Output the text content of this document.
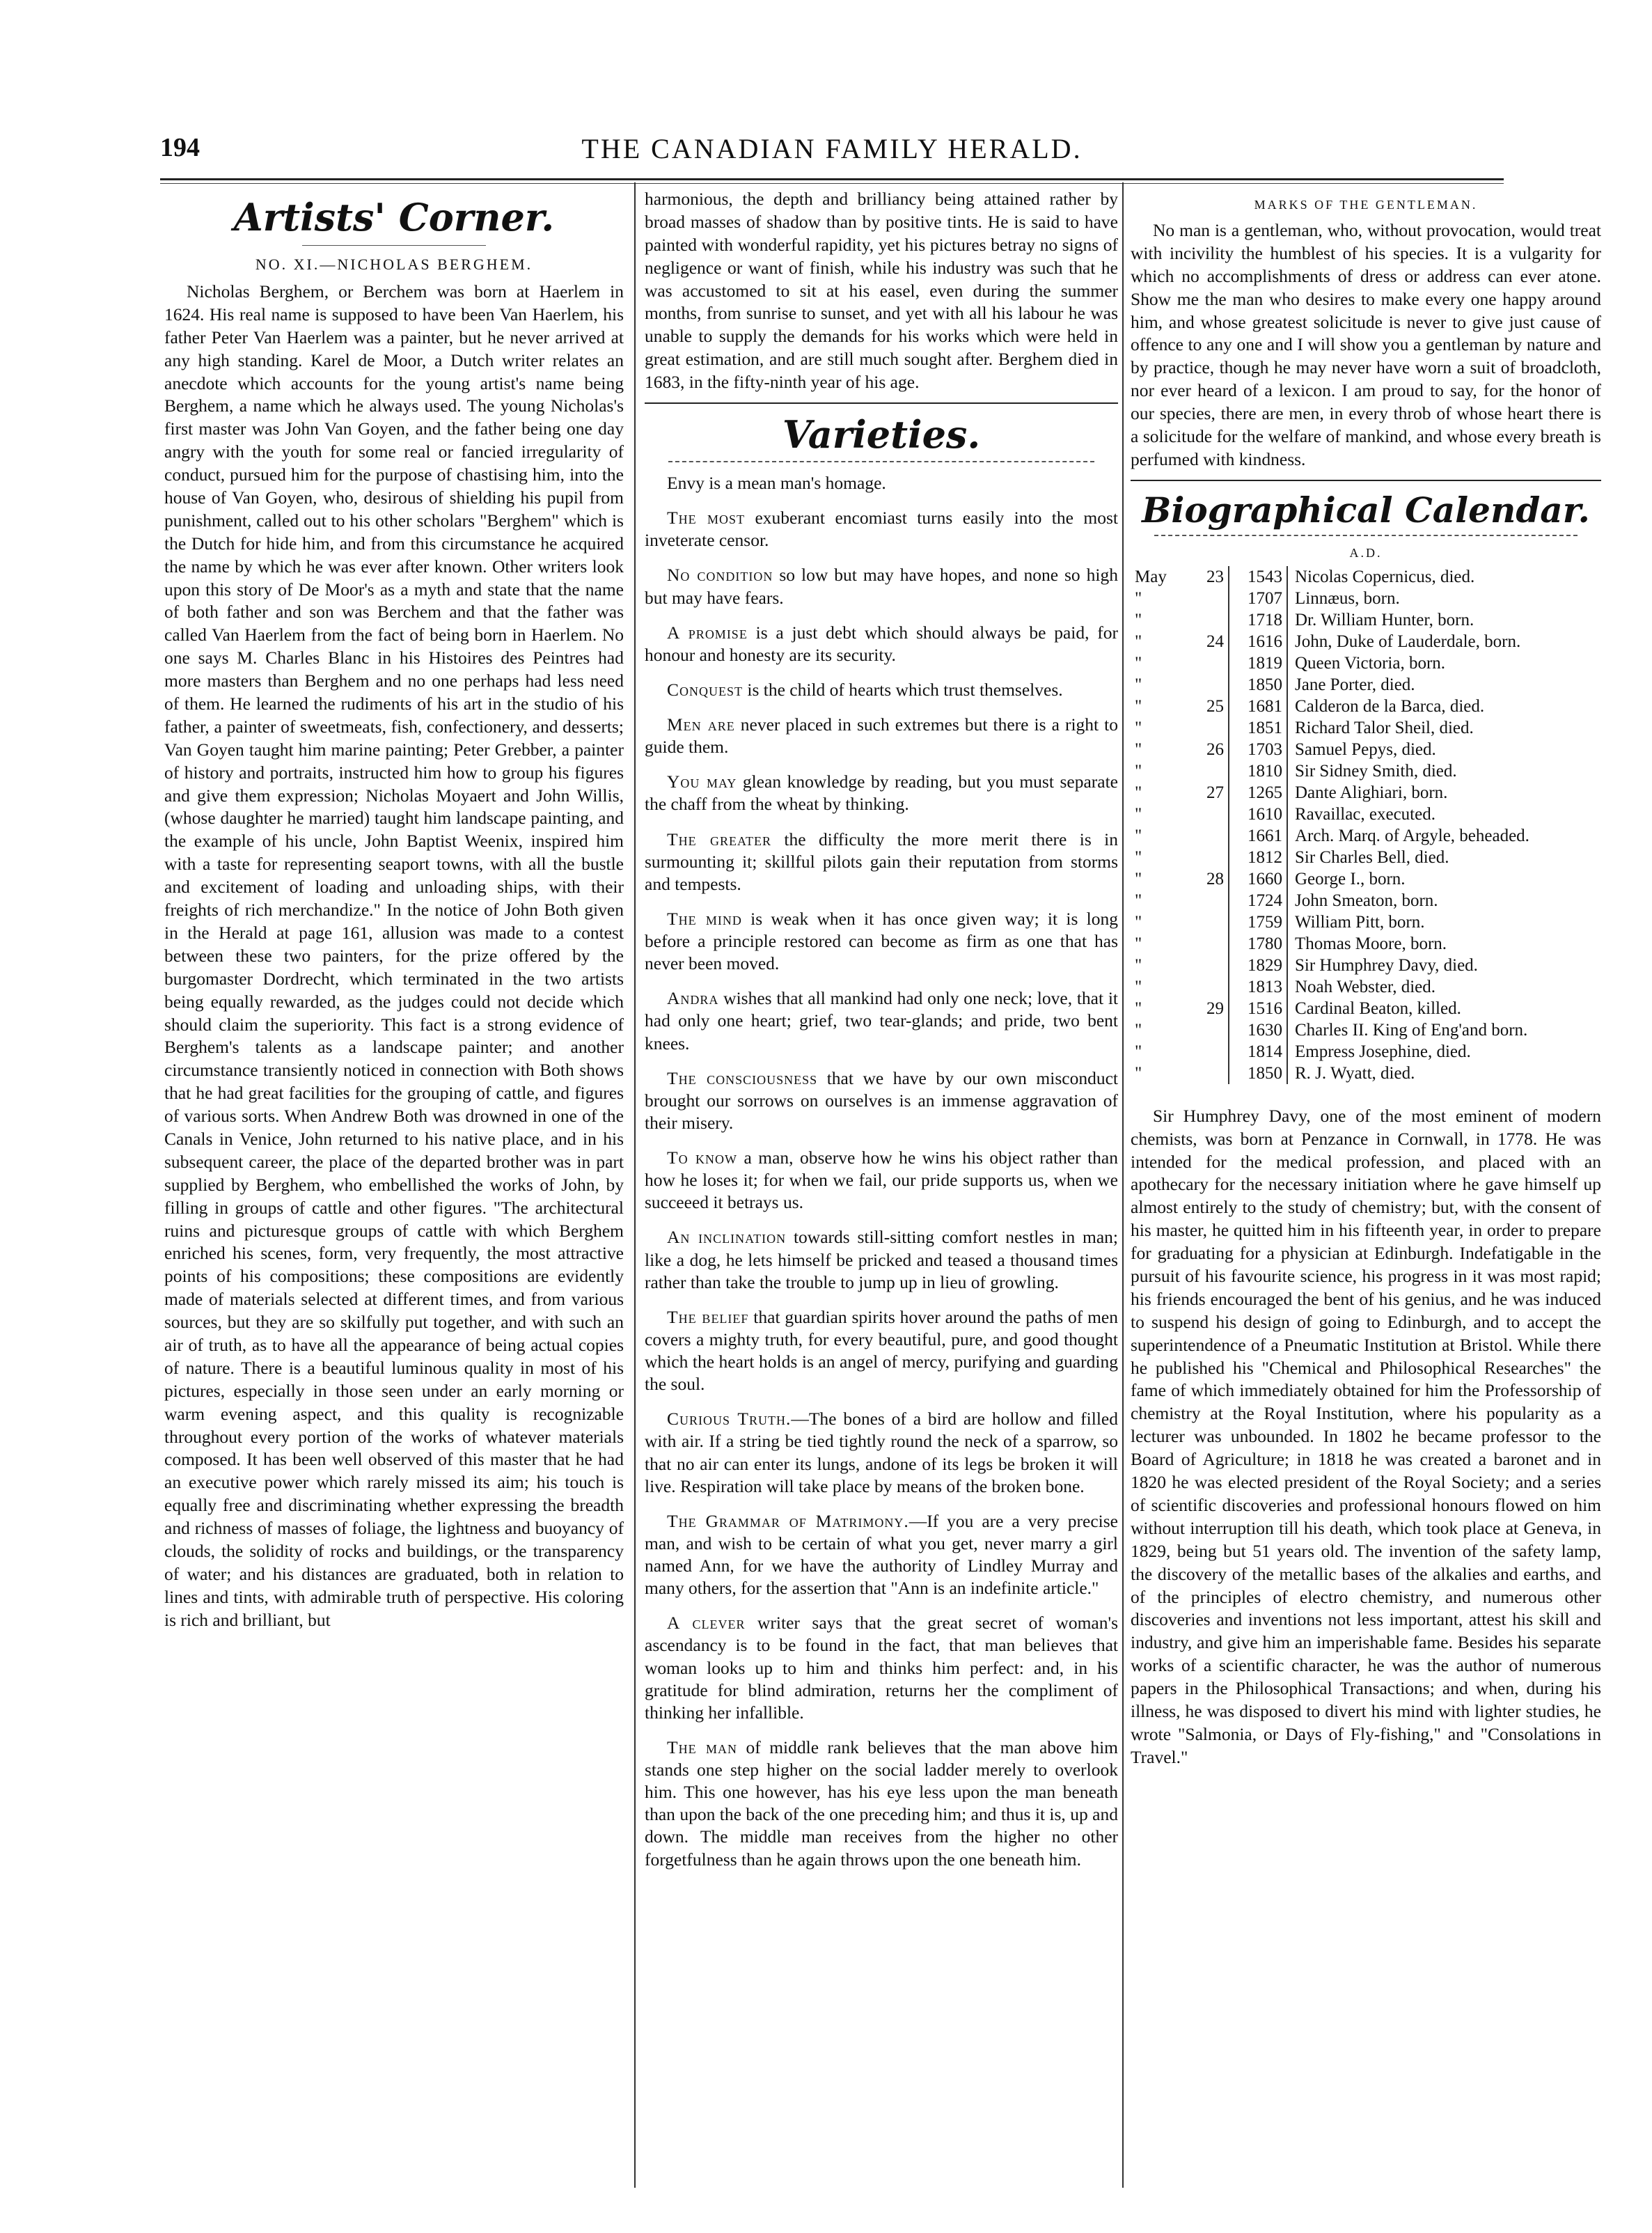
194	THE CANADIAN FAMILY HERALD.
Artists' Corner.
NO. XI.—NICHOLAS BERGHEM.

Nicholas Berghem, or Berchem was born at Haerlem in 1624. His real name is supposed to have been Van Haerlem, his father Peter Van Haerlem was a painter, but he never arrived at any high standing. Karel de Moor, a Dutch writer relates an anecdote which accounts for the young artist's name being Berghem, a name which he always used. The young Nicholas's first master was John Van Goyen, and the father being one day angry with the youth for some real or fancied irregularity of conduct, pursued him for the purpose of chastising him, into the house of Van Goyen, who, desirous of shielding his pupil from punishment, called out to his other scholars "Berghem" which is the Dutch for hide him, and from this circumstance he acquired the name by which he was ever after known. Other writers look upon this story of De Moor's as a myth and state that the name of both father and son was Berchem and that the father was called Van Haerlem from the fact of being born in Haerlem. No one says M. Charles Blanc in his Histoires des Peintres had more masters than Berghem and no one perhaps had less need of them. He learned the rudiments of his art in the studio of his father, a painter of sweetmeats, fish, confectionery, and desserts; Van Goyen taught him marine painting; Peter Grebber, a painter of history and portraits, instructed him how to group his figures and give them expression; Nicholas Moyaert and John Willis, (whose daughter he married) taught him landscape painting, and the example of his uncle, John Baptist Weenix, inspired him with a taste for representing seaport towns, with all the bustle and excitement of loading and unloading ships, with their freights of rich merchandize." In the notice of John Both given in the Herald at page 161, allusion was made to a contest between these two painters, for the prize offered by the burgomaster Dordrecht, which terminated in the two artists being equally rewarded, as the judges could not decide which should claim the superiority. This fact is a strong evidence of Berghem's talents as a landscape painter; and another circumstance transiently noticed in connection with Both shows that he had great facilities for the grouping of cattle, and figures of various sorts. When Andrew Both was drowned in one of the Canals in Venice, John returned to his native place, and in his subsequent career, the place of the departed brother was in part supplied by Berghem, who embellished the works of John, by filling in groups of cattle and other figures. "The architectural ruins and picturesque groups of cattle with which Berghem enriched his scenes, form, very frequently, the most attractive points of his compositions; these compositions are evidently made of materials selected at different times, and from various sources, but they are so skilfully put together, and with such an air of truth, as to have all the appearance of being actual copies of nature. There is a beautiful luminous quality in most of his pictures, especially in those seen under an early morning or warm evening aspect, and this quality is recognizable throughout every portion of the works of whatever materials composed. It has been well observed of this master that he had an executive power which rarely missed its aim; his touch is equally free and discriminating whether expressing the breadth and richness of masses of foliage, the lightness and buoyancy of clouds, the solidity of rocks and buildings, or the transparency of water; and his distances are graduated, both in relation to lines and tints, with admirable truth of perspective. His coloring is rich and brilliant, but

harmonious, the depth and brilliancy being attained rather by broad masses of shadow than by positive tints. He is said to have painted with wonderful rapidity, yet his pictures betray no signs of negligence or want of finish, while his industry was such that he was accustomed to sit at his easel, even during the summer months, from sunrise to sunset, and yet with all his labour he was unable to supply the demands for his works which were held in great estimation, and are still much sought after. Berghem died in 1683, in the fifty-ninth year of his age.

Varieties.

Envy is a mean man's homage.

The most exuberant encomiast turns easily into the most inveterate censor.

No condition so low but may have hopes, and none so high but may have fears.

A promise is a just debt which should always be paid, for honour and honesty are its security.

Conquest is the child of hearts which trust themselves.

Men are never placed in such extremes but there is a right to guide them.

You may glean knowledge by reading, but you must separate the chaff from the wheat by thinking.

The greater the difficulty the more merit there is in surmounting it; skillful pilots gain their reputation from storms and tempests.

The mind is weak when it has once given way; it is long before a principle restored can become as firm as one that has never been moved.

Andra wishes that all mankind had only one neck; love, that it had only one heart; grief, two tear-glands; and pride, two bent knees.

The consciousness that we have by our own misconduct brought our sorrows on ourselves is an immense aggravation of their misery.

To know a man, observe how he wins his object rather than how he loses it; for when we fail, our pride supports us, when we succeeed it betrays us.

An inclination towards still-sitting comfort nestles in man; like a dog, he lets himself be pricked and teased a thousand times rather than take the trouble to jump up in lieu of growling.

The belief that guardian spirits hover around the paths of men covers a mighty truth, for every beautiful, pure, and good thought which the heart holds is an angel of mercy, purifying and guarding the soul.

Curious Truth.—The bones of a bird are hollow and filled with air. If a string be tied tightly round the neck of a sparrow, so that no air can enter its lungs, andone of its legs be broken it will live. Respiration will take place by means of the broken bone.

The Grammar of Matrimony.—If you are a very precise man, and wish to be certain of what you get, never marry a girl named Ann, for we have the authority of Lindley Murray and many others, for the assertion that "Ann is an indefinite article."

A clever writer says that the great secret of woman's ascendancy is to be found in the fact, that man believes that woman looks up to him and thinks him perfect: and, in his gratitude for blind admiration, returns her the compliment of thinking her infallible.

The man of middle rank believes that the man above him stands one step higher on the social ladder merely to overlook him. This one however, has his eye less upon the man beneath than upon the back of the one preceding him; and thus it is, up and down. The middle man receives from the higher no other forgetfulness than he again throws upon the one beneath him.

MARKS OF THE GENTLEMAN.

No man is a gentleman, who, without provocation, would treat with incivility the humblest of his species. It is a vulgarity for which no accomplishments of dress or address can ever atone. Show me the man who desires to make every one happy around him, and whose greatest solicitude is never to give just cause of offence to any one and I will show you a gentleman by nature and by practice, though he may never have worn a suit of broadcloth, nor ever heard of a lexicon. I am proud to say, for the honor of our species, there are men, in every throb of whose heart there is a solicitude for the welfare of mankind, and whose every breath is perfumed with kindness.

Biographical Calendar.
A.D.
May	23	1543	Nicolas Copernicus, died.
"		1707	Linnæus, born.
"		1718	Dr. William Hunter, born.
"	24	1616	John, Duke of Lauderdale, born.
"		1819	Queen Victoria, born.
"		1850	Jane Porter, died.
"	25	1681	Calderon de la Barca, died.
"		1851	Richard Talor Sheil, died.
"	26	1703	Samuel Pepys, died.
"		1810	Sir Sidney Smith, died.
"	27	1265	Dante Alighiari, born.
"		1610	Ravaillac, executed.
"		1661	Arch. Marq. of Argyle, beheaded.
"		1812	Sir Charles Bell, died.
"	28	1660	George I., born.
"		1724	John Smeaton, born.
"		1759	William Pitt, born.
"		1780	Thomas Moore, born.
"		1829	Sir Humphrey Davy, died.
"		1813	Noah Webster, died.
"	29	1516	Cardinal Beaton, killed.
"		1630	Charles II. King of Eng'and born.
"		1814	Empress Josephine, died.
"		1850	R. J. Wyatt, died.

Sir Humphrey Davy, one of the most eminent of modern chemists, was born at Penzance in Cornwall, in 1778. He was intended for the medical profession, and placed with an apothecary for the necessary initiation where he gave himself up almost entirely to the study of chemistry; but, with the consent of his master, he quitted him in his fifteenth year, in order to prepare for graduating for a physician at Edinburgh. Indefatigable in the pursuit of his favourite science, his progress in it was most rapid; his friends encouraged the bent of his genius, and he was induced to suspend his design of going to Edinburgh, and to accept the superintendence of a Pneumatic Institution at Bristol. While there he published his "Chemical and Philosophical Researches" the fame of which immediately obtained for him the Professorship of chemistry at the Royal Institution, where his popularity as a lecturer was unbounded. In 1802 he became professor to the Board of Agriculture; in 1818 he was created a baronet and in 1820 he was elected president of the Royal Society; and a series of scientific discoveries and professional honours flowed on him without interruption till his death, which took place at Geneva, in 1829, being but 51 years old. The invention of the safety lamp, the discovery of the metallic bases of the alkalies and earths, and of the principles of electro chemistry, and numerous other discoveries and inventions not less important, attest his skill and industry, and give him an imperishable fame. Besides his separate works of a scientific character, he was the author of numerous papers in the Philosophical Transactions; and when, during his illness, he was disposed to divert his mind with lighter studies, he wrote "Salmonia, or Days of Fly-fishing," and "Consolations in Travel."
